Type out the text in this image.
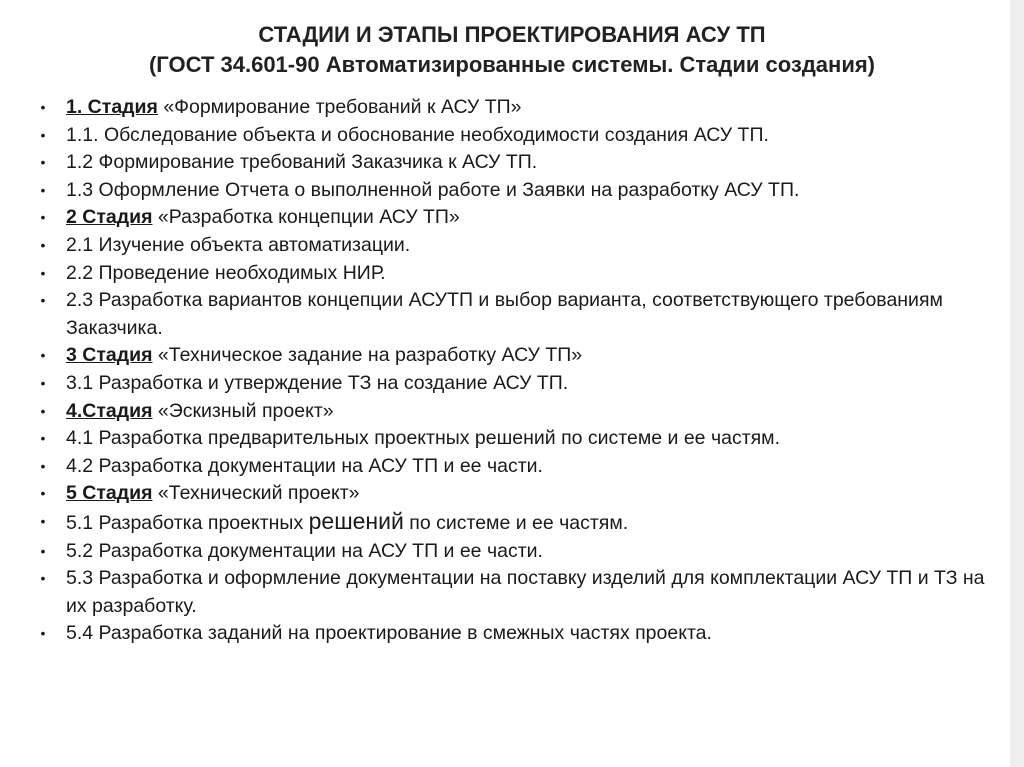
СТАДИИ И ЭТАПЫ ПРОЕКТИРОВАНИЯ АСУ ТП
(ГОСТ 34.601-90 Автоматизированные системы. Стадии создания)
• 1. Стадия «Формирование требований к АСУ ТП»
• 1.1. Обследование объекта и обоснование необходимости создания АСУ ТП.
• 1.2 Формирование требований Заказчика к АСУ ТП.
• 1.3 Оформление Отчета о выполненной работе и Заявки на разработку АСУ ТП.
• 2 Стадия «Разработка концепции АСУ ТП»
• 2.1 Изучение объекта автоматизации.
• 2.2 Проведение необходимых НИР.
• 2.3 Разработка вариантов концепции АСУТП и выбор варианта, соответствующего требованиям Заказчика.
• 3 Стадия «Техническое задание на разработку АСУ ТП»
• 3.1 Разработка и утверждение ТЗ на создание АСУ ТП.
• 4.Стадия «Эскизный проект»
• 4.1 Разработка предварительных проектных решений по системе и ее частям.
• 4.2 Разработка документации на АСУ ТП и ее части.
• 5 Стадия «Технический проект»
• 5.1 Разработка проектных решений по системе и ее частям.
• 5.2 Разработка документации на АСУ ТП и ее части.
• 5.3 Разработка и оформление документации на поставку изделий для комплектации АСУ ТП и ТЗ на их разработку.
• 5.4 Разработка заданий на проектирование в смежных частях проекта.
